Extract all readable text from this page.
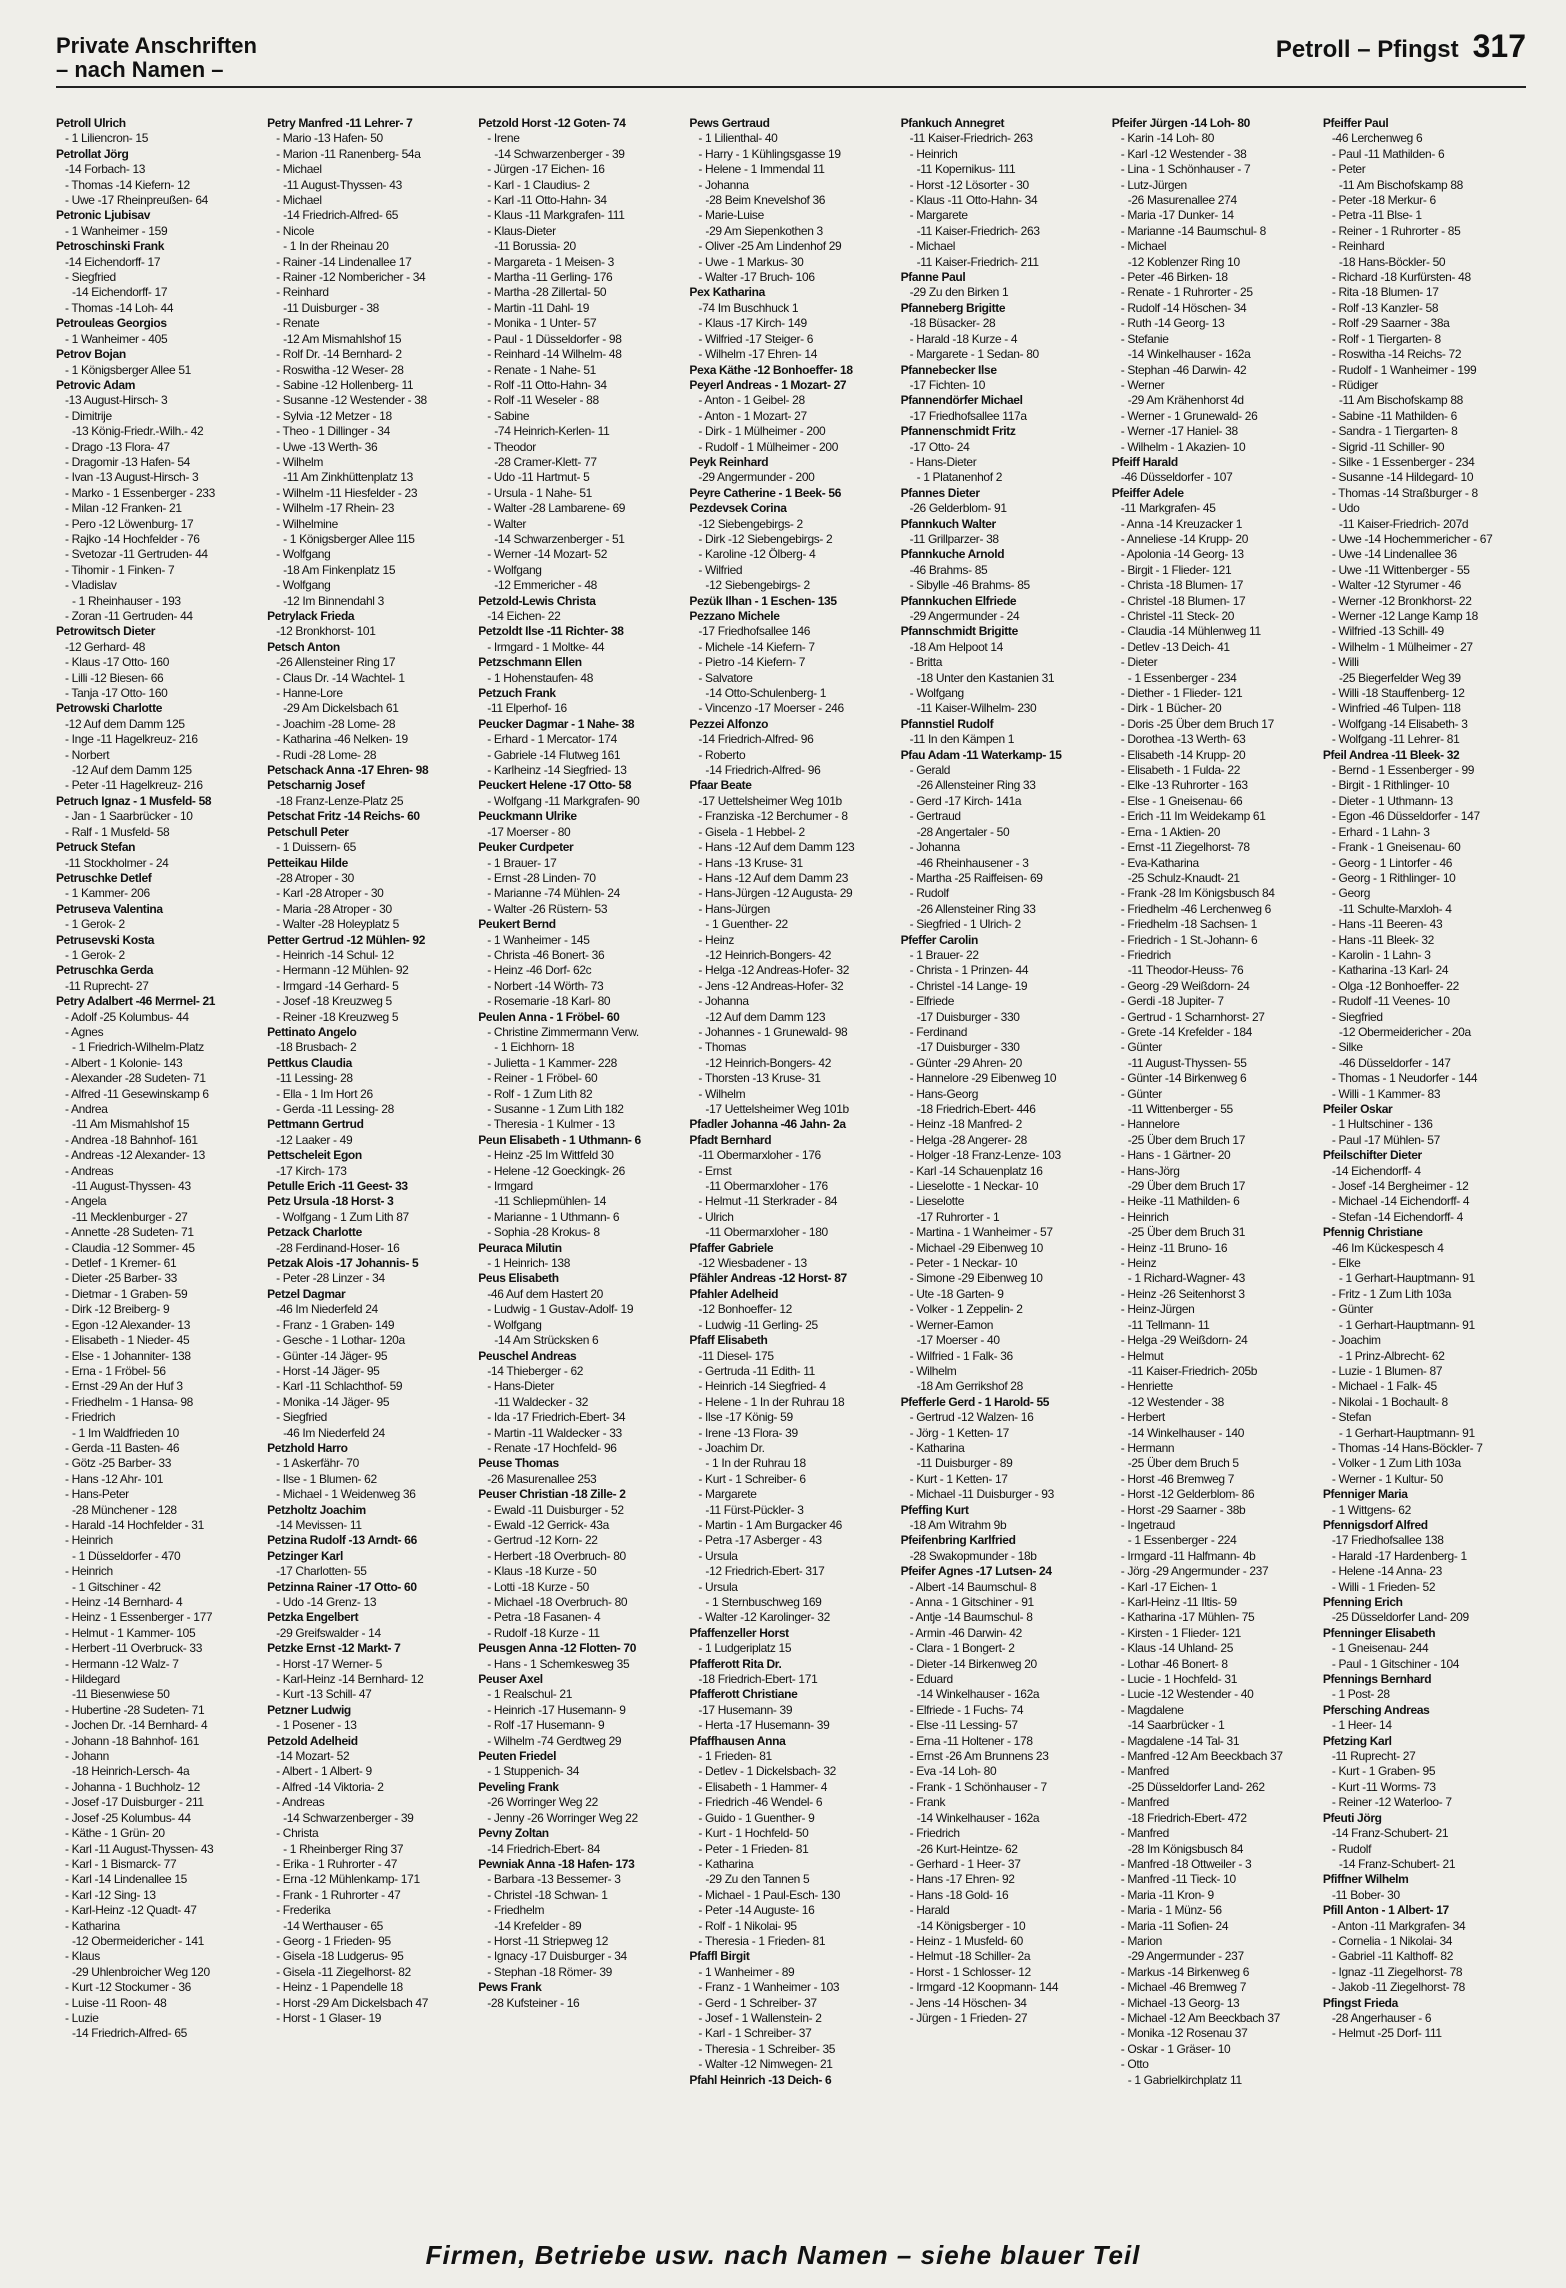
Private Anschriften
– nach Namen –
Petroll – Pfingst 317
Petroll Ulrich
- 1 Liliencron- 15
Petrollat Jörg
-14 Forbach- 13
- Thomas -14 Kiefern- 12
- Uwe -17 Rheinpreußen- 64
Petronic Ljubisav
- 1 Wanheimer - 159
Petroschinski Frank
-14 Eichendorff- 17
- Siegfried
-14 Eichendorff- 17
- Thomas -14 Loh- 44
Petrouleas Georgios
- 1 Wanheimer - 405
Petrov Bojan
- 1 Königsberger Allee 51
Petrovic Adam
-13 August-Hirsch- 3
- Dimitrije
-13 König-Friedr.-Wilh.- 42
- Drago -13 Flora- 47
- Dragomir -13 Hafen- 54
- Ivan -13 August-Hirsch- 3
- Marko - 1 Essenberger - 233
- Milan -12 Franken- 21
- Pero -12 Löwenburg- 17
- Rajko -14 Hochfelder - 76
- Svetozar -11 Gertruden- 44
- Tihomir - 1 Finken- 7
- Vladislav
- 1 Rheinhauser - 193
- Zoran -11 Gertruden- 44
Petrowitsch Dieter
-12 Gerhard- 48
- Klaus -17 Otto- 160
- Lilli -12 Biesen- 66
- Tanja -17 Otto- 160
Petrowski Charlotte
-12 Auf dem Damm 125
- Inge -11 Hagelkreuz- 216
- Norbert
-12 Auf dem Damm 125
- Peter -11 Hagelkreuz- 216
Petruch Ignaz - 1 Musfeld- 58
- Jan - 1 Saarbrücker - 10
- Ralf - 1 Musfeld- 58
Petruck Stefan
-11 Stockholmer - 24
Petruschke Detlef
- 1 Kammer- 206
Petruseva Valentina
- 1 Gerok- 2
Petrusevski Kosta
- 1 Gerok- 2
Petruschka Gerda
-11 Ruprecht- 27
Petry Adalbert -46 Merrnel- 21
- Adolf -25 Kolumbus- 44
- Agnes
- 1 Friedrich-Wilhelm-Platz
- Albert - 1 Kolonie- 143
- Alexander -28 Sudeten- 71
- Alfred -11 Gesewinskamp 6
- Andrea
-11 Am Mismahlshof 15
- Andrea -18 Bahnhof- 161
- Andreas -12 Alexander- 13
- Andreas
-11 August-Thyssen- 43
- Angela
-11 Mecklenburger - 27
- Annette -28 Sudeten- 71
- Claudia -12 Sommer- 45
- Detlef - 1 Kremer- 61
- Dieter -25 Barber- 33
- Dietmar - 1 Graben- 59
- Dirk -12 Breiberg- 9
- Egon -12 Alexander- 13
- Elisabeth - 1 Nieder- 45
- Else - 1 Johanniter- 138
- Erna - 1 Fröbel- 56
- Ernst -29 An der Huf 3
- Friedhelm - 1 Hansa- 98
- Friedrich
- 1 Im Waldfrieden 10
- Gerda -11 Basten- 46
- Götz -25 Barber- 33
- Hans -12 Ahr- 101
- Hans-Peter
-28 Münchener - 128
- Harald -14 Hochfelder - 31
- Heinrich
- 1 Düsseldorfer - 470
- Heinrich
- 1 Gitschiner - 42
- Heinz -14 Bernhard- 4
- Heinz - 1 Essenberger - 177
- Helmut - 1 Kammer- 105
- Herbert -11 Overbruck- 33
- Hermann -12 Walz- 7
- Hildegard
-11 Biesenwiese 50
- Hubertine -28 Sudeten- 71
- Jochen Dr. -14 Bernhard- 4
- Johann -18 Bahnhof- 161
- Johann
-18 Heinrich-Lersch- 4a
- Johanna - 1 Buchholz- 12
- Josef -17 Duisburger - 211
- Josef -25 Kolumbus- 44
- Käthe - 1 Grün- 20
- Karl -11 August-Thyssen- 43
- Karl - 1 Bismarck- 77
- Karl -14 Lindenallee 15
- Karl -12 Sing- 13
- Karl-Heinz -12 Quadt- 47
- Katharina
-12 Obermeidericher - 141
- Klaus
-29 Uhlenbroicher Weg 120
- Kurt -12 Stockumer - 36
- Luise -11 Roon- 48
- Luzie
-14 Friedrich-Alfred- 65
Petry Manfred -11 Lehrer- 7
- Mario -13 Hafen- 50
- Marion -11 Ranenberg- 54a
- Michael
-11 August-Thyssen- 43
- Michael
-14 Friedrich-Alfred- 65
- Nicole
- 1 In der Rheinau 20
- Rainer -14 Lindenallee 17
- Rainer -12 Nombericher - 34
- Reinhard
-11 Duisburger - 38
- Renate
-12 Am Mismahlshof 15
- Rolf Dr. -14 Bernhard- 2
- Roswitha -12 Weser- 28
- Sabine -12 Hollenberg- 11
- Susanne -12 Westender - 38
- Sylvia -12 Metzer - 18
- Theo - 1 Dillinger - 34
- Uwe -13 Werth- 36
- Wilhelm
-11 Am Zinkhüttenplatz 13
- Wilhelm -11 Hiesfelder - 23
- Wilhelm -17 Rhein- 23
- Wilhelmine
- 1 Königsberger Allee 115
- Wolfgang
-18 Am Finkenplatz 15
- Wolfgang
-12 Im Binnendahl 3
Petrylack Frieda
-12 Bronkhorst- 101
Petsch Anton
-26 Allensteiner Ring 17
- Claus Dr. -14 Wachtel- 1
- Hanne-Lore
-29 Am Dickelsbach 61
- Joachim -28 Lome- 28
- Katharina -46 Nelken- 19
- Rudi -28 Lome- 28
Petschack Anna -17 Ehren- 98
Petscharnig Josef
-18 Franz-Lenze-Platz 25
Petschat Fritz -14 Reichs- 60
Petschull Peter
- 1 Duissern- 65
Petteikau Hilde
-28 Atroper - 30
- Karl -28 Atroper - 30
- Maria -28 Atroper - 30
- Walter -28 Holeyplatz 5
Petter Gertrud -12 Mühlen- 92
- Heinrich -14 Schul- 12
- Hermann -12 Mühlen- 92
- Irmgard -14 Gerhard- 5
- Josef -18 Kreuzweg 5
- Reiner -18 Kreuzweg 5
Pettinato Angelo
-18 Brusbach- 2
Pettkus Claudia
-11 Lessing- 28
- Ella - 1 Im Hort 26
- Gerda -11 Lessing- 28
Pettmann Gertrud
-12 Laaker - 49
Pettscheleit Egon
-17 Kirch- 173
Petulle Erich -11 Geest- 33
Petz Ursula -18 Horst- 3
- Wolfgang - 1 Zum Lith 87
Petzack Charlotte
-28 Ferdinand-Hoser- 16
Petzak Alois -17 Johannis- 5
- Peter -28 Linzer - 34
Petzel Dagmar
-46 Im Niederfeld 24
- Franz - 1 Graben- 149
- Gesche - 1 Lothar- 120a
- Günter -14 Jäger- 95
- Horst -14 Jäger- 95
- Karl -11 Schlachthof- 59
- Monika -14 Jäger- 95
- Siegfried
-46 Im Niederfeld 24
Petzhold Harro
- 1 Askerfähr- 70
- Ilse - 1 Blumen- 62
- Michael - 1 Weidenweg 36
Petzholtz Joachim
-14 Mevissen- 11
Petzina Rudolf -13 Arndt- 66
Petzinger Karl
-17 Charlotten- 55
Petzinna Rainer -17 Otto- 60
- Udo -14 Grenz- 13
Petzka Engelbert
-29 Greifswalder - 14
Petzke Ernst -12 Markt- 7
- Horst -17 Werner- 5
- Karl-Heinz -14 Bernhard- 12
- Kurt -13 Schill- 47
Petzner Ludwig
- 1 Posener - 13
Petzold Adelheid
-14 Mozart- 52
- Albert - 1 Albert- 9
- Alfred -14 Viktoria- 2
- Andreas
-14 Schwarzenberger - 39
- Christa
- 1 Rheinberger Ring 37
- Erika - 1 Ruhrorter - 47
- Erna -12 Mühlenkamp- 171
- Frank - 1 Ruhrorter - 47
- Frederika
-14 Werthauser - 65
- Georg - 1 Frieden- 95
- Gisela -18 Ludgerus- 95
- Gisela -11 Ziegelhorst- 82
- Heinz - 1 Papendelle 18
- Horst -29 Am Dickelsbach 47
- Horst - 1 Glaser- 19
Petzold Horst -12 Goten- 74
- Irene
-14 Schwarzenberger - 39
- Jürgen -17 Eichen- 16
- Karl - 1 Claudius- 2
- Karl -11 Otto-Hahn- 34
- Klaus -11 Markgrafen- 111
- Klaus-Dieter
-11 Borussia- 20
- Margareta - 1 Meisen- 3
- Martha -11 Gerling- 176
- Martha -28 Zillertal- 50
- Martin -11 Dahl- 19
- Monika - 1 Unter- 57
- Paul - 1 Düsseldorfer - 98
- Reinhard -14 Wilhelm- 48
- Renate - 1 Nahe- 51
- Rolf -11 Otto-Hahn- 34
- Rolf -11 Weseler - 88
- Sabine
-74 Heinrich-Kerlen- 11
- Theodor
-28 Cramer-Klett- 77
- Udo -11 Hartmut- 5
- Ursula - 1 Nahe- 51
- Walter -28 Lambarene- 69
- Walter
-14 Schwarzenberger - 51
- Werner -14 Mozart- 52
- Wolfgang
-12 Emmericher - 48
Petzold-Lewis Christa
-14 Eichen- 22
Petzoldt Ilse -11 Richter- 38
- Irmgard - 1 Moltke- 44
Petzschmann Ellen
- 1 Hohenstaufen- 48
Petzuch Frank
-11 Elperhof- 16
Peucker Dagmar - 1 Nahe- 38
- Erhard - 1 Mercator- 174
- Gabriele -14 Flutweg 161
- Karlheinz -14 Siegfried- 13
Peuckert Helene -17 Otto- 58
- Wolfgang -11 Markgrafen- 90
Peuckmann Ulrike
-17 Moerser - 80
Peuker Curdpeter
- 1 Brauer- 17
- Ernst -28 Linden- 70
- Marianne -74 Mühlen- 24
- Walter -26 Rüstern- 53
Peukert Bernd
- 1 Wanheimer - 145
- Christa -46 Bonert- 36
- Heinz -46 Dorf- 62c
- Norbert -14 Wörth- 73
- Rosemarie -18 Karl- 80
Peulen Anna - 1 Fröbel- 60
- Christine Zimmermann Verw.
- 1 Eichhorn- 18
- Julietta - 1 Kammer- 228
- Reiner - 1 Fröbel- 60
- Rolf - 1 Zum Lith 82
- Susanne - 1 Zum Lith 182
- Theresia - 1 Kulmer - 13
Peun Elisabeth - 1 Uthmann- 6
- Heinz -25 Im Wittfeld 30
- Helene -12 Goeckingk- 26
- Irmgard
-11 Schliepmühlen- 14
- Marianne - 1 Uthmann- 6
- Sophia -28 Krokus- 8
Peuraca Milutin
- 1 Heinrich- 138
Peus Elisabeth
-46 Auf dem Hastert 20
- Ludwig - 1 Gustav-Adolf- 19
- Wolfgang
-14 Am Strücksken 6
Peuschel Andreas
-14 Thieberger - 62
- Hans-Dieter
-11 Waldecker - 32
- Ida -17 Friedrich-Ebert- 34
- Martin -11 Waldecker - 33
- Renate -17 Hochfeld- 96
Peuse Thomas
-26 Masurenallee 253
Peuser Christian -18 Zille- 2
- Ewald -11 Duisburger - 52
- Ewald -12 Gerrick- 43a
- Gertrud -12 Korn- 22
- Herbert -18 Overbruch- 80
- Klaus -18 Kurze - 50
- Lotti -18 Kurze - 50
- Michael -18 Overbruch- 80
- Petra -18 Fasanen- 4
- Rudolf -18 Kurze - 11
Peusgen Anna -12 Flotten- 70
- Hans - 1 Schemkesweg 35
Peuser Axel
- 1 Realschul- 21
- Heinrich -17 Husemann- 9
- Rolf -17 Husemann- 9
- Wilhelm -74 Gerdtweg 29
Peuten Friedel
- 1 Stuppenich- 34
Peveling Frank
-26 Worringer Weg 22
- Jenny -26 Worringer Weg 22
Pevny Zoltan
-14 Friedrich-Ebert- 84
Pewniak Anna -18 Hafen- 173
- Barbara -13 Bessemer- 3
- Christel -18 Schwan- 1
- Friedhelm
-14 Krefelder - 89
- Horst -11 Striepweg 12
- Ignacy -17 Duisburger - 34
- Stephan -18 Römer- 39
Pews Frank
-28 Kufsteiner - 16
Pews Gertraud
- 1 Lilienthal- 40
- Harry - 1 Kühlingsgasse 19
- Helene - 1 Immendal 11
- Johanna
-28 Beim Knevelshof 36
- Marie-Luise
-29 Am Siepenkothen 3
- Oliver -25 Am Lindenhof 29
- Uwe - 1 Markus- 30
- Walter -17 Bruch- 106
Pex Katharina
-74 Im Buschhuck 1
- Klaus -17 Kirch- 149
- Wilfried -17 Steiger- 6
- Wilhelm -17 Ehren- 14
Pexa Käthe -12 Bonhoeffer- 18
Peyerl Andreas - 1 Mozart- 27
- Anton - 1 Geibel- 28
- Anton - 1 Mozart- 27
- Dirk - 1 Mülheimer - 200
- Rudolf - 1 Mülheimer - 200
Peyk Reinhard
-29 Angermunder - 200
Peyre Catherine - 1 Beek- 56
Pezdevsek Corina
-12 Siebengebirgs- 2
- Dirk -12 Siebengebirgs- 2
- Karoline -12 Ölberg- 4
- Wilfried
-12 Siebengebirgs- 2
Pezük Ilhan - 1 Eschen- 135
Pezzano Michele
-17 Friedhofsallee 146
- Michele -14 Kiefern- 7
- Pietro -14 Kiefern- 7
- Salvatore
-14 Otto-Schulenberg- 1
- Vincenzo -17 Moerser - 246
Pezzei Alfonzo
-14 Friedrich-Alfred- 96
- Roberto
-14 Friedrich-Alfred- 96
Pfaar Beate
-17 Uettelsheimer Weg 101b
- Franziska -12 Berchumer - 8
- Gisela - 1 Hebbel- 2
- Hans -12 Auf dem Damm 123
- Hans -13 Kruse- 31
- Hans -12 Auf dem Damm 23
- Hans-Jürgen -12 Augusta- 29
- Hans-Jürgen
- 1 Guenther- 22
- Heinz
-12 Heinrich-Bongers- 42
- Helga -12 Andreas-Hofer- 32
- Jens -12 Andreas-Hofer- 32
- Johanna
-12 Auf dem Damm 123
- Johannes - 1 Grunewald- 98
- Thomas
-12 Heinrich-Bongers- 42
- Thorsten -13 Kruse- 31
- Wilhelm
-17 Uettelsheimer Weg 101b
Pfadler Johanna -46 Jahn- 2a
Pfadt Bernhard
-11 Obermarxloher - 176
- Ernst
-11 Obermarxloher - 176
- Helmut -11 Sterkrader - 84
- Ulrich
-11 Obermarxloher - 180
Pfaffer Gabriele
-12 Wiesbadener - 13
Pfähler Andreas -12 Horst- 87
Pfahler Adelheid
-12 Bonhoeffer- 12
- Ludwig -11 Gerling- 25
Pfaff Elisabeth
-11 Diesel- 175
- Gertruda -11 Edith- 11
- Heinrich -14 Siegfried- 4
- Helene - 1 In der Ruhrau 18
- Ilse -17 König- 59
- Irene -13 Flora- 39
- Joachim Dr.
- 1 In der Ruhrau 18
- Kurt - 1 Schreiber- 6
- Margarete
-11 Fürst-Pückler- 3
- Martin - 1 Am Burgacker 46
- Petra -17 Asberger - 43
- Ursula
-12 Friedrich-Ebert- 317
- Ursula
- 1 Sternbuschweg 169
- Walter -12 Karolinger- 32
Pfaffenzeller Horst
- 1 Ludgeriplatz 15
Pfafferott Rita Dr.
-18 Friedrich-Ebert- 171
Pfafferott Christiane
-17 Husemann- 39
- Herta -17 Husemann- 39
Pfaffhausen Anna
- 1 Frieden- 81
- Detlev - 1 Dickelsbach- 32
- Elisabeth - 1 Hammer- 4
- Friedrich -46 Wendel- 6
- Guido - 1 Guenther- 9
- Kurt - 1 Hochfeld- 50
- Peter - 1 Frieden- 81
- Katharina
-29 Zu den Tannen 5
- Michael - 1 Paul-Esch- 130
- Peter -14 Auguste- 16
- Rolf - 1 Nikolai- 95
- Theresia - 1 Frieden- 81
Pfaffl Birgit
- 1 Wanheimer - 89
- Franz - 1 Wanheimer - 103
- Gerd - 1 Schreiber- 37
- Josef - 1 Wallenstein- 2
- Karl - 1 Schreiber- 37
- Theresia - 1 Schreiber- 35
- Walter -12 Nimwegen- 21
Pfahl Heinrich -13 Deich- 6
Pfankuch Annegret
-11 Kaiser-Friedrich- 263
- Heinrich
-11 Kopernikus- 111
- Horst -12 Lösorter - 30
- Klaus -11 Otto-Hahn- 34
- Margarete
-11 Kaiser-Friedrich- 263
- Michael
-11 Kaiser-Friedrich- 211
Pfanne Paul
-29 Zu den Birken 1
Pfanneberg Brigitte
-18 Büsacker- 28
- Harald -18 Kurze - 4
- Margarete - 1 Sedan- 80
Pfannebecker Ilse
-17 Fichten- 10
Pfannendörfer Michael
-17 Friedhofsallee 117a
Pfannenschmidt Fritz
-17 Otto- 24
- Hans-Dieter
- 1 Platanenhof 2
Pfannes Dieter
-26 Gelderblom- 91
Pfannkuch Walter
-11 Grillparzer- 38
Pfannkuche Arnold
-46 Brahms- 85
- Sibylle -46 Brahms- 85
Pfannkuchen Elfriede
-29 Angermunder - 24
Pfannschmidt Brigitte
-18 Am Helpoot 14
- Britta
-18 Unter den Kastanien 31
- Wolfgang
-11 Kaiser-Wilhelm- 230
Pfannstiel Rudolf
-11 In den Kämpen 1
Pfau Adam -11 Waterkamp- 15
- Gerald
-26 Allensteiner Ring 33
- Gerd -17 Kirch- 141a
- Gertraud
-28 Angertaler - 50
- Johanna
-46 Rheinhausener - 3
- Martha -25 Raiffeisen- 69
- Rudolf
-26 Allensteiner Ring 33
- Siegfried - 1 Ulrich- 2
Pfeffer Carolin
- 1 Brauer- 22
- Christa - 1 Prinzen- 44
- Christel -14 Lange- 19
- Elfriede
-17 Duisburger - 330
- Ferdinand
-17 Duisburger - 330
- Günter -29 Ahren- 20
- Hannelore -29 Eibenweg 10
- Hans-Georg
-18 Friedrich-Ebert- 446
- Heinz -18 Manfred- 2
- Helga -28 Angerer- 28
- Holger -18 Franz-Lenze- 103
- Karl -14 Schauenplatz 16
- Lieselotte - 1 Neckar- 10
- Lieselotte
-17 Ruhrorter - 1
- Martina - 1 Wanheimer - 57
- Michael -29 Eibenweg 10
- Peter - 1 Neckar- 10
- Simone -29 Eibenweg 10
- Ute -18 Garten- 9
- Volker - 1 Zeppelin- 2
- Werner-Eamon
-17 Moerser - 40
- Wilfried - 1 Falk- 36
- Wilhelm
-18 Am Gerrikshof 28
Pfefferle Gerd - 1 Harold- 55
- Gertrud -12 Walzen- 16
- Jörg - 1 Ketten- 17
- Katharina
-11 Duisburger - 89
- Kurt - 1 Ketten- 17
- Michael -11 Duisburger - 93
Pfeffing Kurt
-18 Am Witrahm 9b
Pfeifenbring Karlfried
-28 Swakopmunder - 18b
Pfeifer Agnes -17 Lutsen- 24
- Albert -14 Baumschul- 8
- Anna - 1 Gitschiner - 91
- Antje -14 Baumschul- 8
- Armin -46 Darwin- 42
- Clara - 1 Bongert- 2
- Dieter -14 Birkenweg 20
- Eduard
-14 Winkelhauser - 162a
- Elfriede - 1 Fuchs- 74
- Else -11 Lessing- 57
- Erna -11 Holtener - 178
- Ernst -26 Am Brunnens 23
- Eva -14 Loh- 80
- Frank - 1 Schönhauser - 7
- Frank
-14 Winkelhauser - 162a
- Friedrich
-26 Kurt-Heintze- 62
- Gerhard - 1 Heer- 37
- Hans -17 Ehren- 92
- Hans -18 Gold- 16
- Harald
-14 Königsberger - 10
- Heinz - 1 Musfeld- 60
- Helmut -18 Schiller- 2a
- Horst - 1 Schlosser- 12
- Irmgard -12 Koopmann- 144
- Jens -14 Höschen- 34
- Jürgen - 1 Frieden- 27
Pfeifer Jürgen -14 Loh- 80
- Karin -14 Loh- 80
- Karl -12 Westender - 38
- Lina - 1 Schönhauser - 7
- Lutz-Jürgen
-26 Masurenallee 274
- Maria -17 Dunker- 14
- Marianne -14 Baumschul- 8
- Michael
-12 Koblenzer Ring 10
- Peter -46 Birken- 18
- Renate - 1 Ruhrorter - 25
- Rudolf -14 Höschen- 34
- Ruth -14 Georg- 13
- Stefanie
-14 Winkelhauser - 162a
- Stephan -46 Darwin- 42
- Werner
-29 Am Krähenhorst 4d
- Werner - 1 Grunewald- 26
- Werner -17 Haniel- 38
- Wilhelm - 1 Akazien- 10
Pfeiff Harald
-46 Düsseldorfer - 107
Pfeiffer Adele
-11 Markgrafen- 45
- Anna -14 Kreuzacker 1
- Anneliese -14 Krupp- 20
- Apolonia -14 Georg- 13
- Birgit - 1 Flieder- 121
- Christa -18 Blumen- 17
- Christel -18 Blumen- 17
- Christel -11 Steck- 20
- Claudia -14 Mühlenweg 11
- Detlev -13 Deich- 41
- Dieter
- 1 Essenberger - 234
- Diether - 1 Flieder- 121
- Dirk - 1 Bücher- 20
- Doris -25 Über dem Bruch 17
- Dorothea -13 Werth- 63
- Elisabeth -14 Krupp- 20
- Elisabeth - 1 Fulda- 22
- Elke -13 Ruhrorter - 163
- Else - 1 Gneisenau- 66
- Erich -11 Im Weidekamp 61
- Erna - 1 Aktien- 20
- Ernst -11 Ziegelhorst- 78
- Eva-Katharina
-25 Schulz-Knaudt- 21
- Frank -28 Im Königsbusch 84
- Friedhelm -46 Lerchenweg 6
- Friedhelm -18 Sachsen- 1
- Friedrich - 1 St.-Johann- 6
- Friedrich
-11 Theodor-Heuss- 76
- Georg -29 Weißdorn- 24
- Gerdi -18 Jupiter- 7
- Gertrud - 1 Scharnhorst- 27
- Grete -14 Krefelder - 184
- Günter
-11 August-Thyssen- 55
- Günter -14 Birkenweg 6
- Günter
-11 Wittenberger - 55
- Hannelore
-25 Über dem Bruch 17
- Hans - 1 Gärtner- 20
- Hans-Jörg
-29 Über dem Bruch 17
- Heike -11 Mathilden- 6
- Heinrich
-25 Über dem Bruch 31
- Heinz -11 Bruno- 16
- Heinz
- 1 Richard-Wagner- 43
- Heinz -26 Seitenhorst 3
- Heinz-Jürgen
-11 Tellmann- 11
- Helga -29 Weißdorn- 24
- Helmut
-11 Kaiser-Friedrich- 205b
- Henriette
-12 Westender - 38
- Herbert
-14 Winkelhauser - 140
- Hermann
-25 Über dem Bruch 5
- Horst -46 Bremweg 7
- Horst -12 Gelderblom- 86
- Horst -29 Saarner - 38b
- Ingetraud
- 1 Essenberger - 224
- Irmgard -11 Halfmann- 4b
- Jörg -29 Angermunder - 237
- Karl -17 Eichen- 1
- Karl-Heinz -11 Iltis- 59
- Katharina -17 Mühlen- 75
- Kirsten - 1 Flieder- 121
- Klaus -14 Uhland- 25
- Lothar -46 Bonert- 8
- Lucie - 1 Hochfeld- 31
- Lucie -12 Westender - 40
- Magdalene
-14 Saarbrücker - 1
- Magdalene -14 Tal- 31
- Manfred -12 Am Beeckbach 37
- Manfred
-25 Düsseldorfer Land- 262
- Manfred
-18 Friedrich-Ebert- 472
- Manfred
-28 Im Königsbusch 84
- Manfred -18 Ottweiler - 3
- Manfred -11 Tieck- 10
- Maria -11 Kron- 9
- Maria - 1 Münz- 56
- Maria -11 Sofien- 24
- Marion
-29 Angermunder - 237
- Markus -14 Birkenweg 6
- Michael -46 Bremweg 7
- Michael -13 Georg- 13
- Michael -12 Am Beeckbach 37
- Monika -12 Rosenau 37
- Oskar - 1 Gräser- 10
- Otto
- 1 Gabrielkirchplatz 11
Pfeiffer Paul
-46 Lerchenweg 6
- Paul -11 Mathilden- 6
- Peter
-11 Am Bischofskamp 88
- Peter -18 Merkur- 6
- Petra -11 Blse- 1
- Reiner - 1 Ruhrorter - 85
- Reinhard
-18 Hans-Böckler- 50
- Richard -18 Kurfürsten- 48
- Rita -18 Blumen- 17
- Rolf -13 Kanzler- 58
- Rolf -29 Saarner - 38a
- Rolf - 1 Tiergarten- 8
- Roswitha -14 Reichs- 72
- Rudolf - 1 Wanheimer - 199
- Rüdiger
-11 Am Bischofskamp 88
- Sabine -11 Mathilden- 6
- Sandra - 1 Tiergarten- 8
- Sigrid -11 Schiller- 90
- Silke - 1 Essenberger - 234
- Susanne -14 Hildegard- 10
- Thomas -14 Straßburger - 8
- Udo
-11 Kaiser-Friedrich- 207d
- Uwe -14 Hochemmericher - 67
- Uwe -14 Lindenallee 36
- Uwe -11 Wittenberger - 55
- Walter -12 Styrumer - 46
- Werner -12 Bronkhorst- 22
- Werner -12 Lange Kamp 18
- Wilfried -13 Schill- 49
- Wilhelm - 1 Mülheimer - 27
- Willi
-25 Biegerfelder Weg 39
- Willi -18 Stauffenberg- 12
- Winfried -46 Tulpen- 118
- Wolfgang -14 Elisabeth- 3
- Wolfgang -11 Lehrer- 81
Pfeil Andrea -11 Bleek- 32
- Bernd - 1 Essenberger - 99
- Birgit - 1 Rithlinger- 10
- Dieter - 1 Uthmann- 13
- Egon -46 Düsseldorfer - 147
- Erhard - 1 Lahn- 3
- Frank - 1 Gneisenau- 60
- Georg - 1 Lintorfer - 46
- Georg - 1 Rithlinger- 10
- Georg
-11 Schulte-Marxloh- 4
- Hans -11 Beeren- 43
- Hans -11 Bleek- 32
- Karolin - 1 Lahn- 3
- Katharina -13 Karl- 24
- Olga -12 Bonhoeffer- 22
- Rudolf -11 Veenes- 10
- Siegfried
-12 Obermeidericher - 20a
- Silke
-46 Düsseldorfer - 147
- Thomas - 1 Neudorfer - 144
- Willi - 1 Kammer- 83
Pfeiler Oskar
- 1 Hultschiner - 136
- Paul -17 Mühlen- 57
Pfeilschifter Dieter
-14 Eichendorff- 4
- Josef -14 Bergheimer - 12
- Michael -14 Eichendorff- 4
- Stefan -14 Eichendorff- 4
Pfennig Christiane
-46 Im Kückespesch 4
- Elke
- 1 Gerhart-Hauptmann- 91
- Fritz - 1 Zum Lith 103a
- Günter
- 1 Gerhart-Hauptmann- 91
- Joachim
- 1 Prinz-Albrecht- 62
- Luzie - 1 Blumen- 87
- Michael - 1 Falk- 45
- Nikolai - 1 Bochault- 8
- Stefan
- 1 Gerhart-Hauptmann- 91
- Thomas -14 Hans-Böckler- 7
- Volker - 1 Zum Lith 103a
- Werner - 1 Kultur- 50
Pfenniger Maria
- 1 Wittgens- 62
Pfennigsdorf Alfred
-17 Friedhofsallee 138
- Harald -17 Hardenberg- 1
- Helene -14 Anna- 23
- Willi - 1 Frieden- 52
Pfenning Erich
-25 Düsseldorfer Land- 209
Pfenninger Elisabeth
- 1 Gneisenau- 244
- Paul - 1 Gitschiner - 104
Pfennings Bernhard
- 1 Post- 28
Pfersching Andreas
- 1 Heer- 14
Pfetzing Karl
-11 Ruprecht- 27
- Kurt - 1 Graben- 95
- Kurt -11 Worms- 73
- Reiner -12 Waterloo- 7
Pfeuti Jörg
-14 Franz-Schubert- 21
- Rudolf
-14 Franz-Schubert- 21
Pfiffner Wilhelm
-11 Bober- 30
Pfill Anton - 1 Albert- 17
- Anton -11 Markgrafen- 34
- Cornelia - 1 Nikolai- 34
- Gabriel -11 Kalthoff- 82
- Ignaz -11 Ziegelhorst- 78
- Jakob -11 Ziegelhorst- 78
Pfingst Frieda
-28 Angerhauser - 6
- Helmut -25 Dorf- 111
Firmen, Betriebe usw. nach Namen – siehe blauer Teil
